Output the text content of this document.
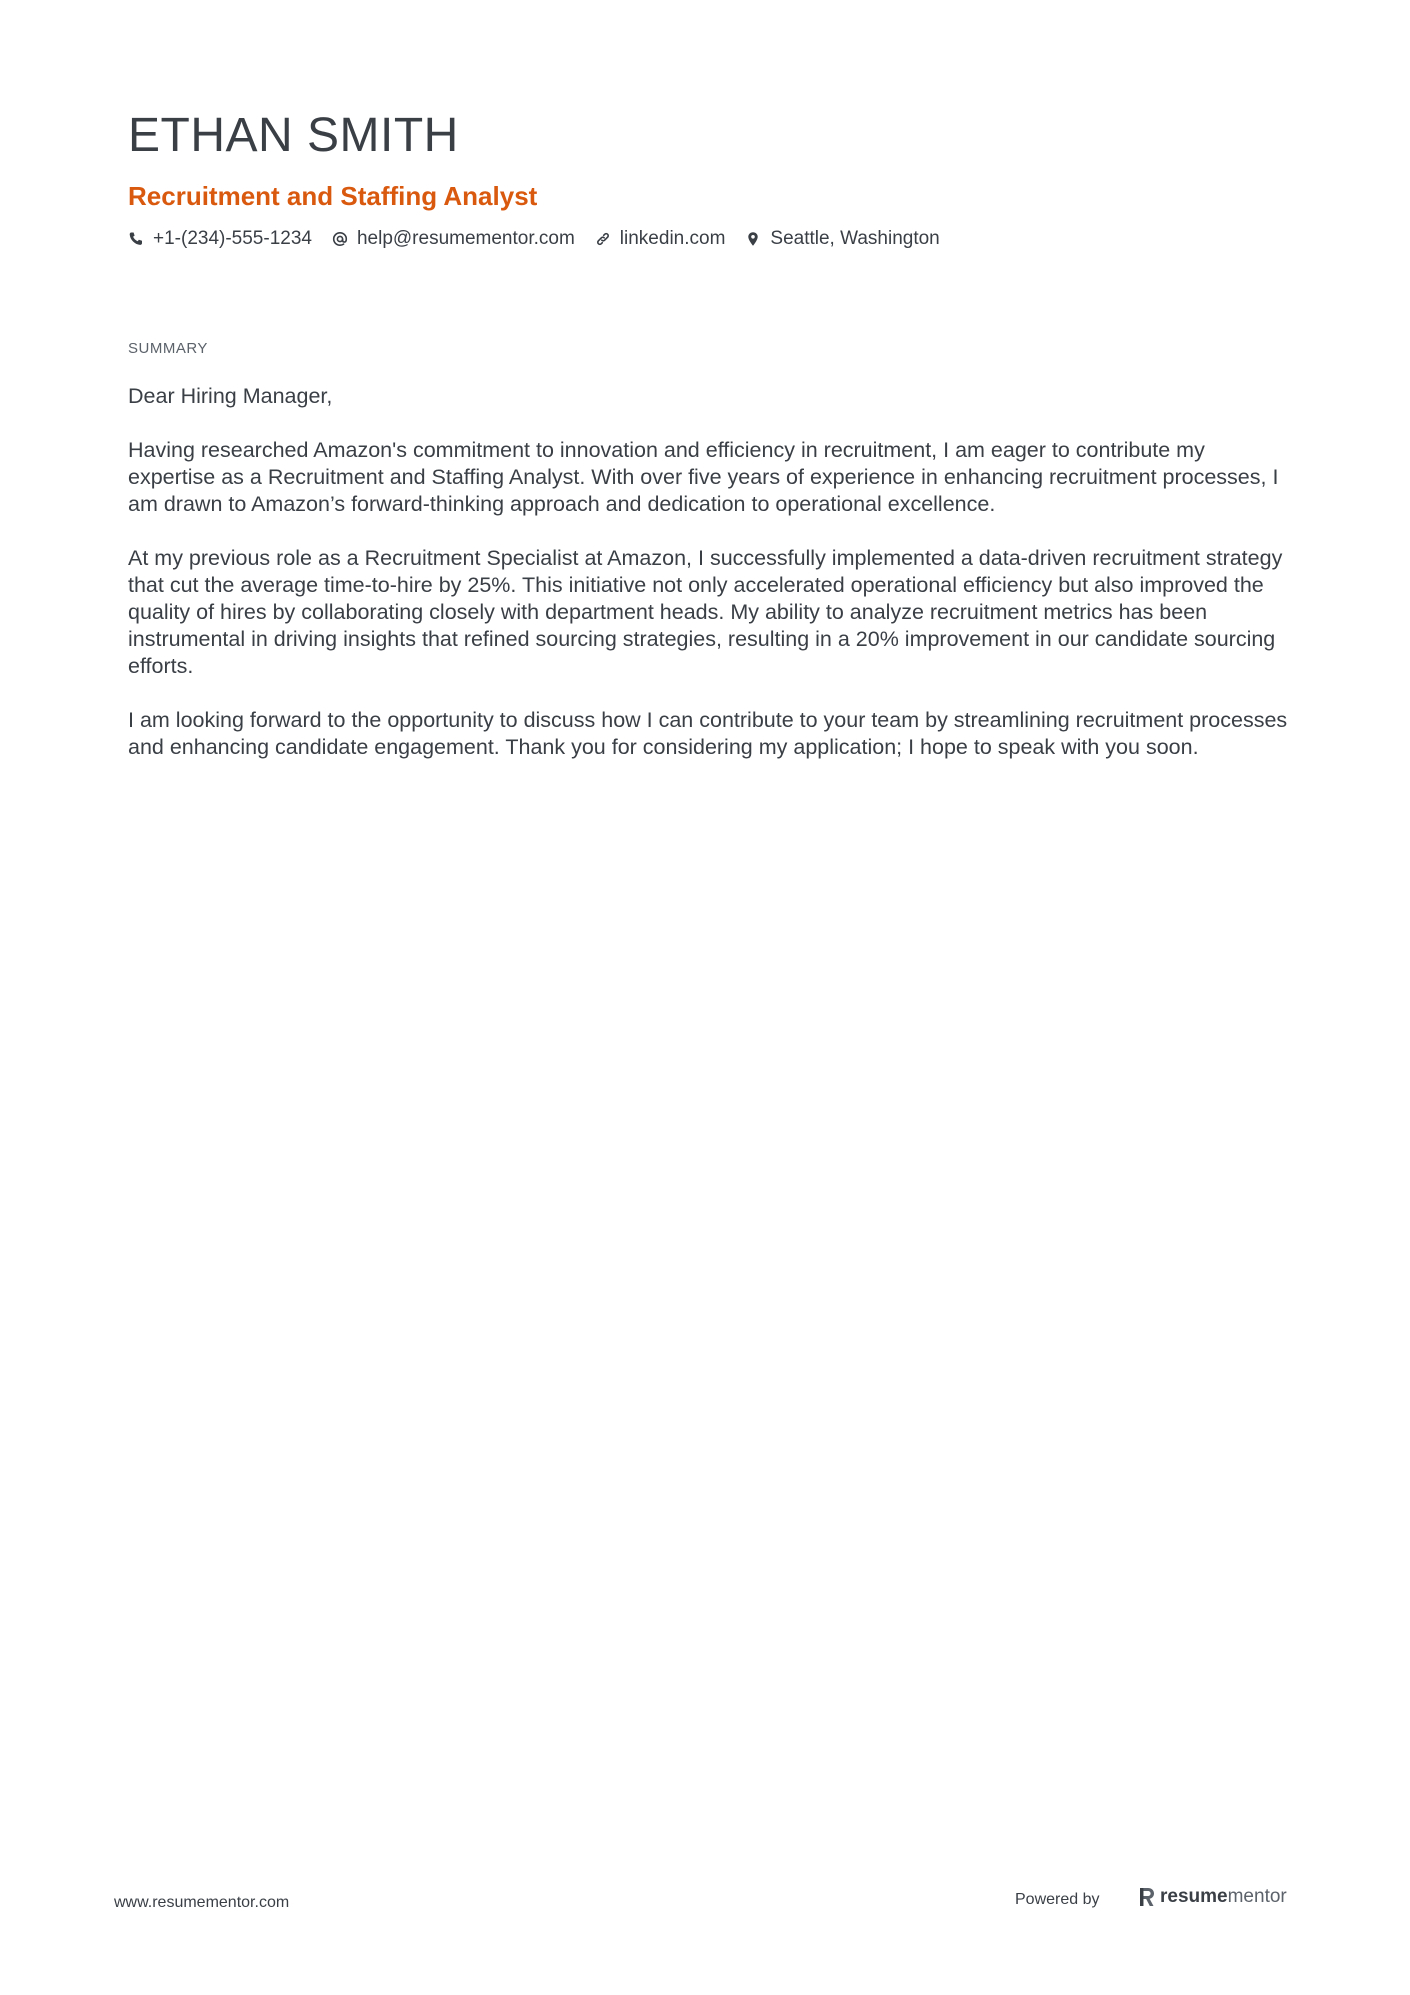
ETHAN SMITH
Recruitment and Staffing Analyst
+1-(234)-555-1234 help@resumementor.com linkedin.com Seattle, Washington
SUMMARY

Dear Hiring Manager,

Having researched Amazon's commitment to innovation and efficiency in recruitment, I am eager to contribute my expertise as a Recruitment and Staffing Analyst. With over five years of experience in enhancing recruitment processes, I am drawn to Amazon’s forward-thinking approach and dedication to operational excellence.

At my previous role as a Recruitment Specialist at Amazon, I successfully implemented a data-driven recruitment strategy that cut the average time-to-hire by 25%. This initiative not only accelerated operational efficiency but also improved the quality of hires by collaborating closely with department heads. My ability to analyze recruitment metrics has been instrumental in driving insights that refined sourcing strategies, resulting in a 20% improvement in our candidate sourcing efforts.

I am looking forward to the opportunity to discuss how I can contribute to your team by streamlining recruitment processes and enhancing candidate engagement. Thank you for considering my application; I hope to speak with you soon.

www.resumementor.com	Powered by	resume mentor
